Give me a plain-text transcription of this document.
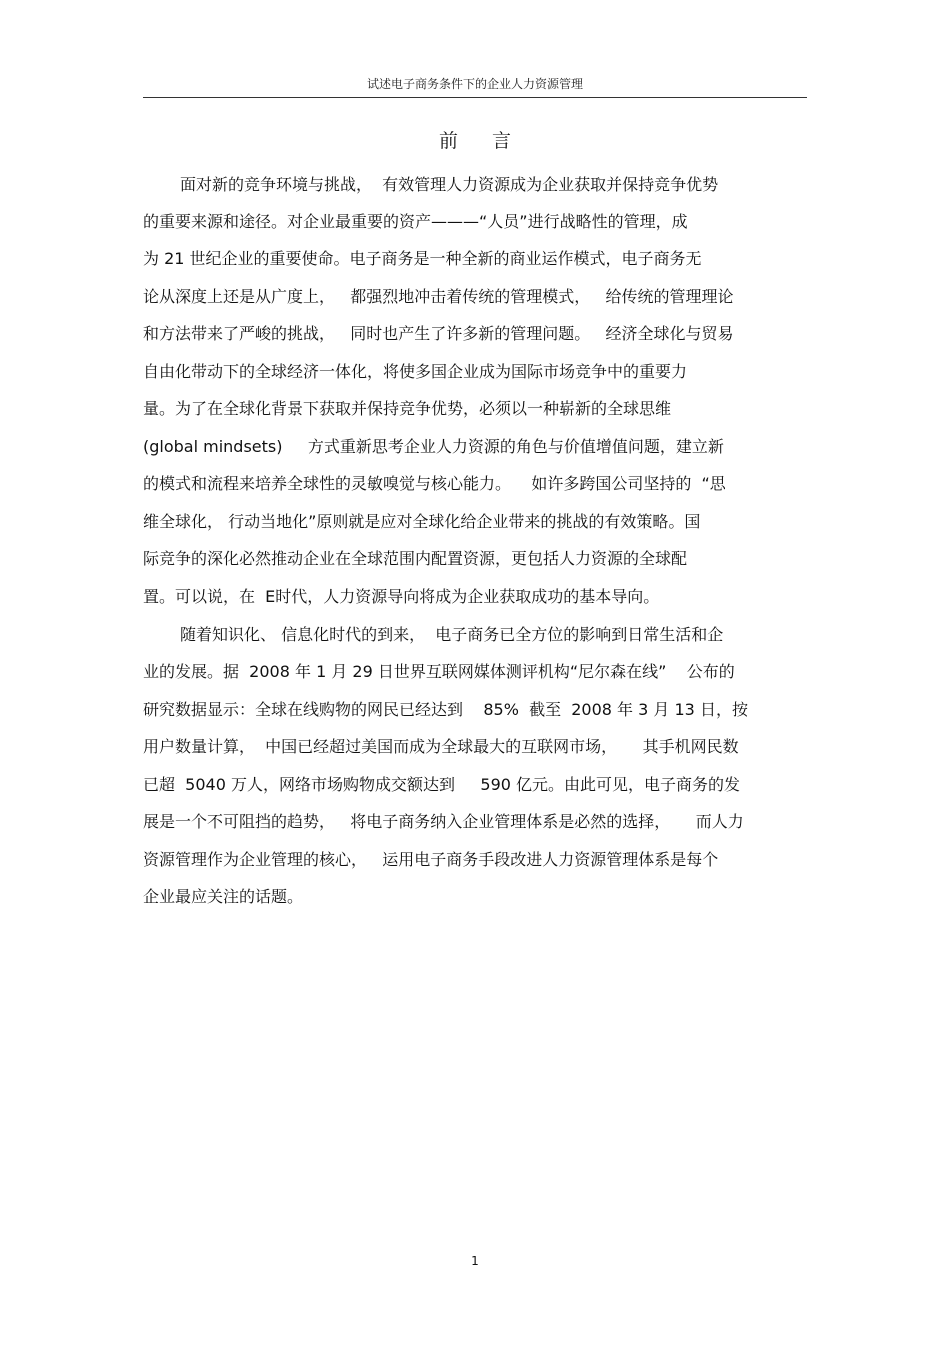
试述电子商务条件下的企业人力资源管理
前言
面对新的竞争环境与挑战，  有效管理人力资源成为企业获取并保持竞争优势
的重要来源和途径。对企业最重要的资产———“人员”进行战略性的管理，成
为 21 世纪企业的重要使命。电子商务是一种全新的商业运作模式，电子商务无
论从深度上还是从广度上，   都强烈地冲击着传统的管理模式，   给传统的管理理论
和方法带来了严峻的挑战，   同时也产生了许多新的管理问题。   经济全球化与贸易
自由化带动下的全球经济一体化，将使多国企业成为国际市场竞争中的重要力
量。为了在全球化背景下获取并保持竞争优势，必须以一种崭新的全球思维
(global mindsets)     方式重新思考企业人力资源的角色与价值增值问题，建立新
的模式和流程来培养全球性的灵敏嗅觉与核心能力。    如许多跨国公司坚持的  “思
维全球化， 行动当地化”原则就是应对全球化给企业带来的挑战的有效策略。国
际竞争的深化必然推动企业在全球范围内配置资源，更包括人力资源的全球配
置。可以说，在  E时代，人力资源导向将成为企业获取成功的基本导向。
随着知识化、 信息化时代的到来，  电子商务已全方位的影响到日常生活和企
业的发展。据  2008 年 1 月 29 日世界互联网媒体测评机构“尼尔森在线”    公布的
研究数据显示：全球在线购物的网民已经达到    85%  截至  2008 年 3 月 13 日，按
用户数量计算，  中国已经超过美国而成为全球最大的互联网市场，     其手机网民数
已超  5040 万人，网络市场购物成交额达到     590 亿元。由此可见，电子商务的发
展是一个不可阻挡的趋势，   将电子商务纳入企业管理体系是必然的选择，     而人力
资源管理作为企业管理的核心，   运用电子商务手段改进人力资源管理体系是每个
企业最应关注的话题。
1
